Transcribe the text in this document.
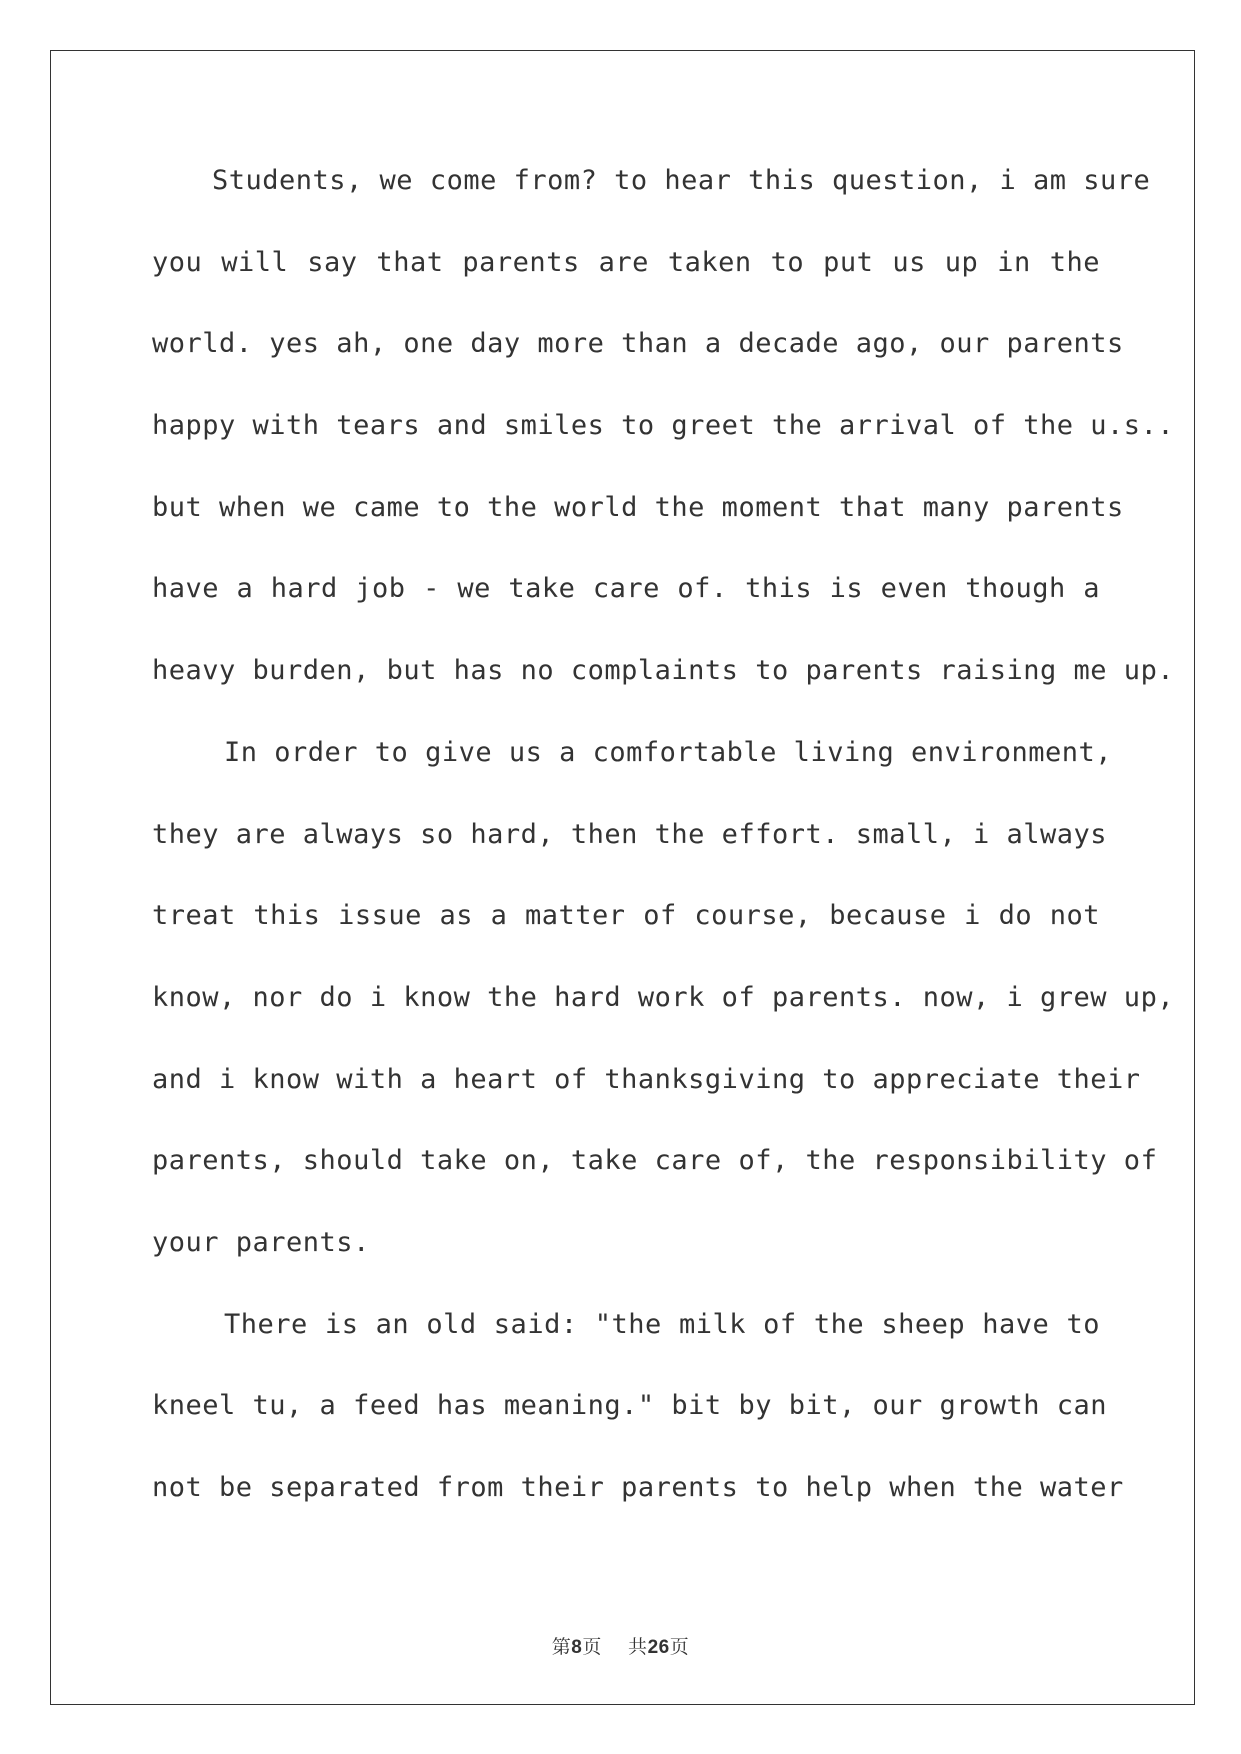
Students, we come from? to hear this question, i am sure
you will say that parents are taken to put us up in the
world. yes ah, one day more than a decade ago, our parents
happy with tears and smiles to greet the arrival of the u.s..
but when we came to the world the moment that many parents
have a hard job - we take care of. this is even though a
heavy burden, but has no complaints to parents raising me up.
In order to give us a comfortable living environment,
they are always so hard, then the effort. small, i always
treat this issue as a matter of course, because i do not
know, nor do i know the hard work of parents. now, i grew up,
and i know with a heart of thanksgiving to appreciate their
parents, should take on, take care of, the responsibility of
your parents.
There is an old said: "the milk of the sheep have to
kneel tu, a feed has meaning." bit by bit, our growth can
not be separated from their parents to help when the water
第8页 共26页
